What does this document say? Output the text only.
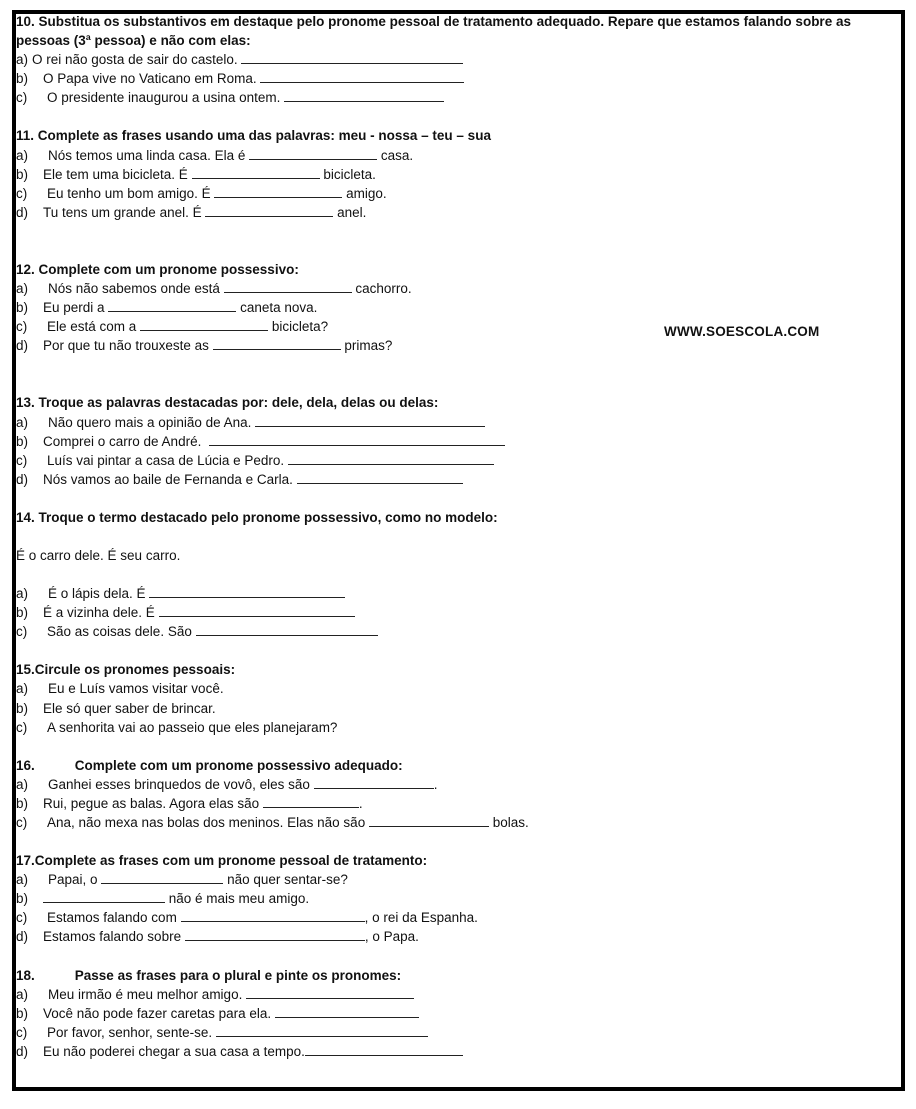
WWW.SOESCOLA.COM
10. Substitua os substantivos em destaque pelo pronome pessoal de tratamento adequado. Repare que estamos falando sobre as pessoas (3ª pessoa) e não com elas:
a) O rei não gosta de sair do castelo.

b)	O Papa vive no Vaticano em Roma.

c)	O presidente inaugurou a usina ontem.

11. Complete as frases usando uma das palavras: meu - nossa – teu – sua
a)	Nós temos uma linda casa. Ela é

	casa.
b)	Ele tem uma bicicleta. É

	bicicleta.
c)	Eu tenho um bom amigo. É

	amigo.
d)	Tu tens um grande anel. É

	anel.
12. Complete com um pronome possessivo:
a)	Nós não sabemos onde está

	cachorro.
b)	Eu perdi a

	caneta nova.
c)	Ele está com a

	bicicleta?
d)	Por que tu não trouxeste as

	primas?
13. Troque as palavras destacadas por: dele, dela, delas ou delas:
a)	Não quero mais a opinião de Ana.

b)	Comprei o carro de André.

c)	Luís vai pintar a casa de Lúcia e Pedro.

d)	Nós vamos ao baile de Fernanda e Carla.

14. Troque o termo destacado pelo pronome possessivo, como no modelo:
É o carro dele. É seu carro.
a)	É o lápis dela. É

b)	É a vizinha dele. É

c)	São as coisas dele. São

15.Circule os pronomes pessoais:
a)	Eu e Luís vamos visitar você.
b)	Ele só quer saber de brincar.
c)	A senhorita vai ao passeio que eles planejaram?
16.	Complete com um pronome possessivo adequado:
a)	Ganhei esses brinquedos de vovô, eles são
	.
b)	Rui, pegue as balas. Agora elas são
	.
c)	Ana, não mexa nas bolas dos meninos. Elas não são

	bolas.
17.Complete as frases com um pronome pessoal de tratamento:
a)	Papai, o

	não quer sentar-se?
b)
	não é mais meu amigo.
c)	Estamos falando com
	, o rei da Espanha.
d)	Estamos falando sobre
	, o Papa.
18.	Passe as frases para o plural e pinte os pronomes:
a)	Meu irmão é meu melhor amigo.

b)	Você não pode fazer caretas para ela.

c)	Por favor, senhor, sente-se.

d)	Eu não poderei chegar a sua casa a tempo.
